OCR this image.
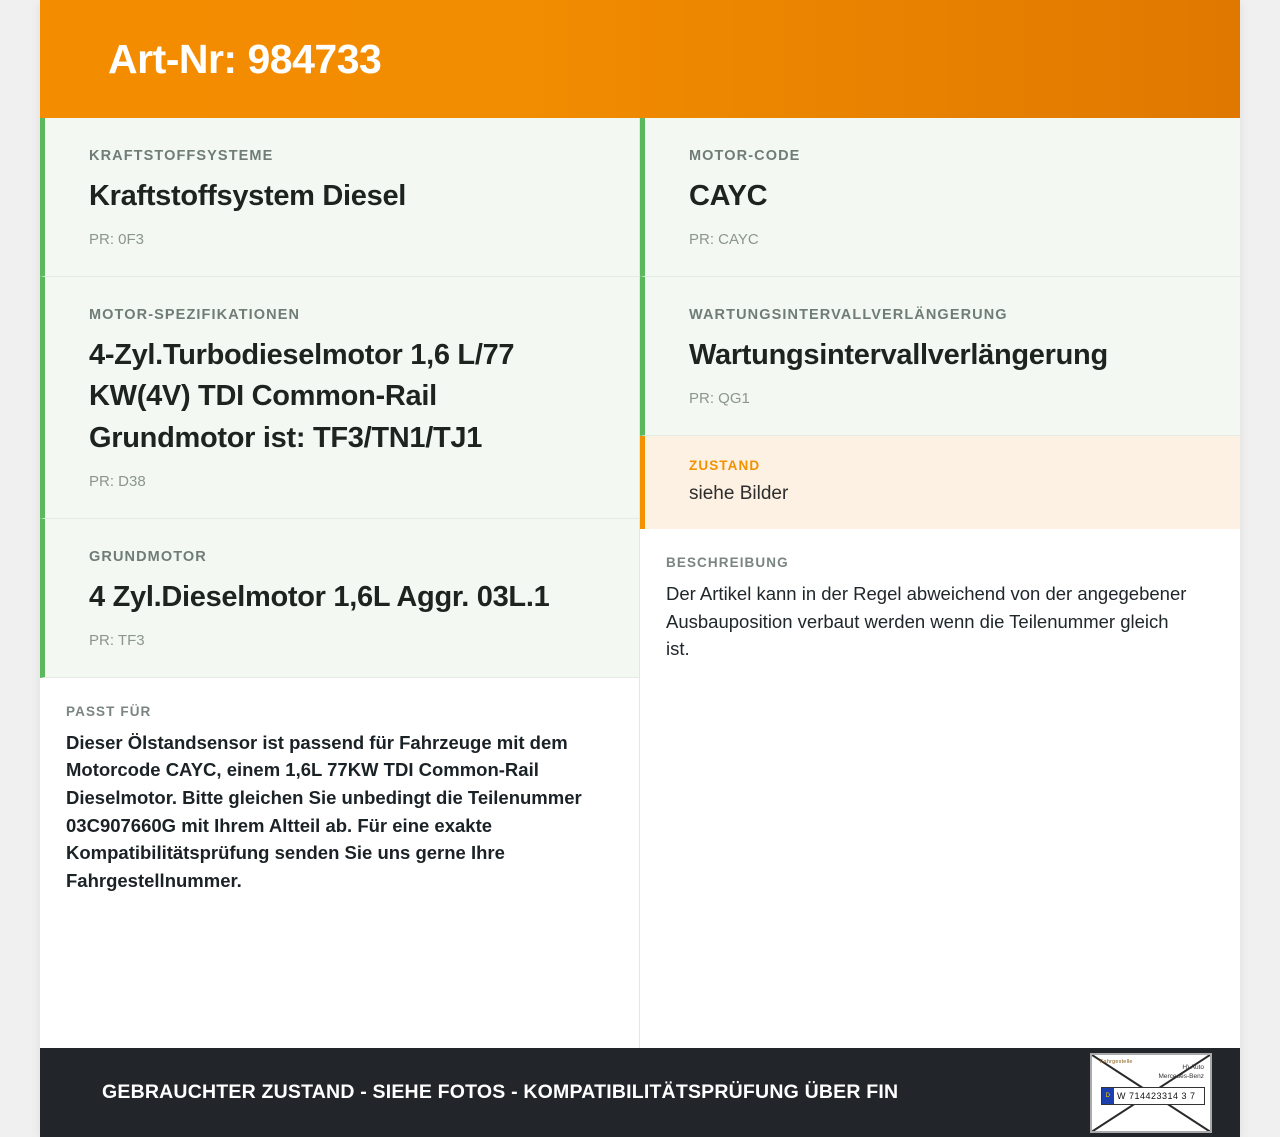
Art-Nr: 984733
KRAFTSTOFFSYSTEME
Kraftstoffsystem Diesel
PR: 0F3
MOTOR-SPEZIFIKATIONEN
4-Zyl.Turbodieselmotor 1,6 L/77 KW(4V) TDI Common-Rail Grundmotor ist: TF3/TN1/TJ1
PR: D38
GRUNDMOTOR
4 Zyl.Dieselmotor 1,6L Aggr. 03L.1
PR: TF3
PASST FÜR
Dieser Ölstandsensor ist passend für Fahrzeuge mit dem Motorcode CAYC, einem 1,6L 77KW TDI Common-Rail Dieselmotor. Bitte gleichen Sie unbedingt die Teilenummer 03C907660G mit Ihrem Altteil ab. Für eine exakte Kompatibilitätsprüfung senden Sie uns gerne Ihre Fahrgestellnummer.
MOTOR-CODE
CAYC
PR: CAYC
WARTUNGSINTERVALLVERLÄNGERUNG
Wartungsintervallverlängerung
PR: QG1
ZUSTAND
siehe Bilder
BESCHREIBUNG
Der Artikel kann in der Regel abweichend von der angegebener Ausbauposition verbaut werden wenn die Teilenummer gleich ist.
GEBRAUCHTER ZUSTAND - SIEHE FOTOS - KOMPATIBILITÄTSPRÜFUNG ÜBER FIN
Fahrgestelle
H) Auto
Mercedes-Benz
D W 714423314 3 7
